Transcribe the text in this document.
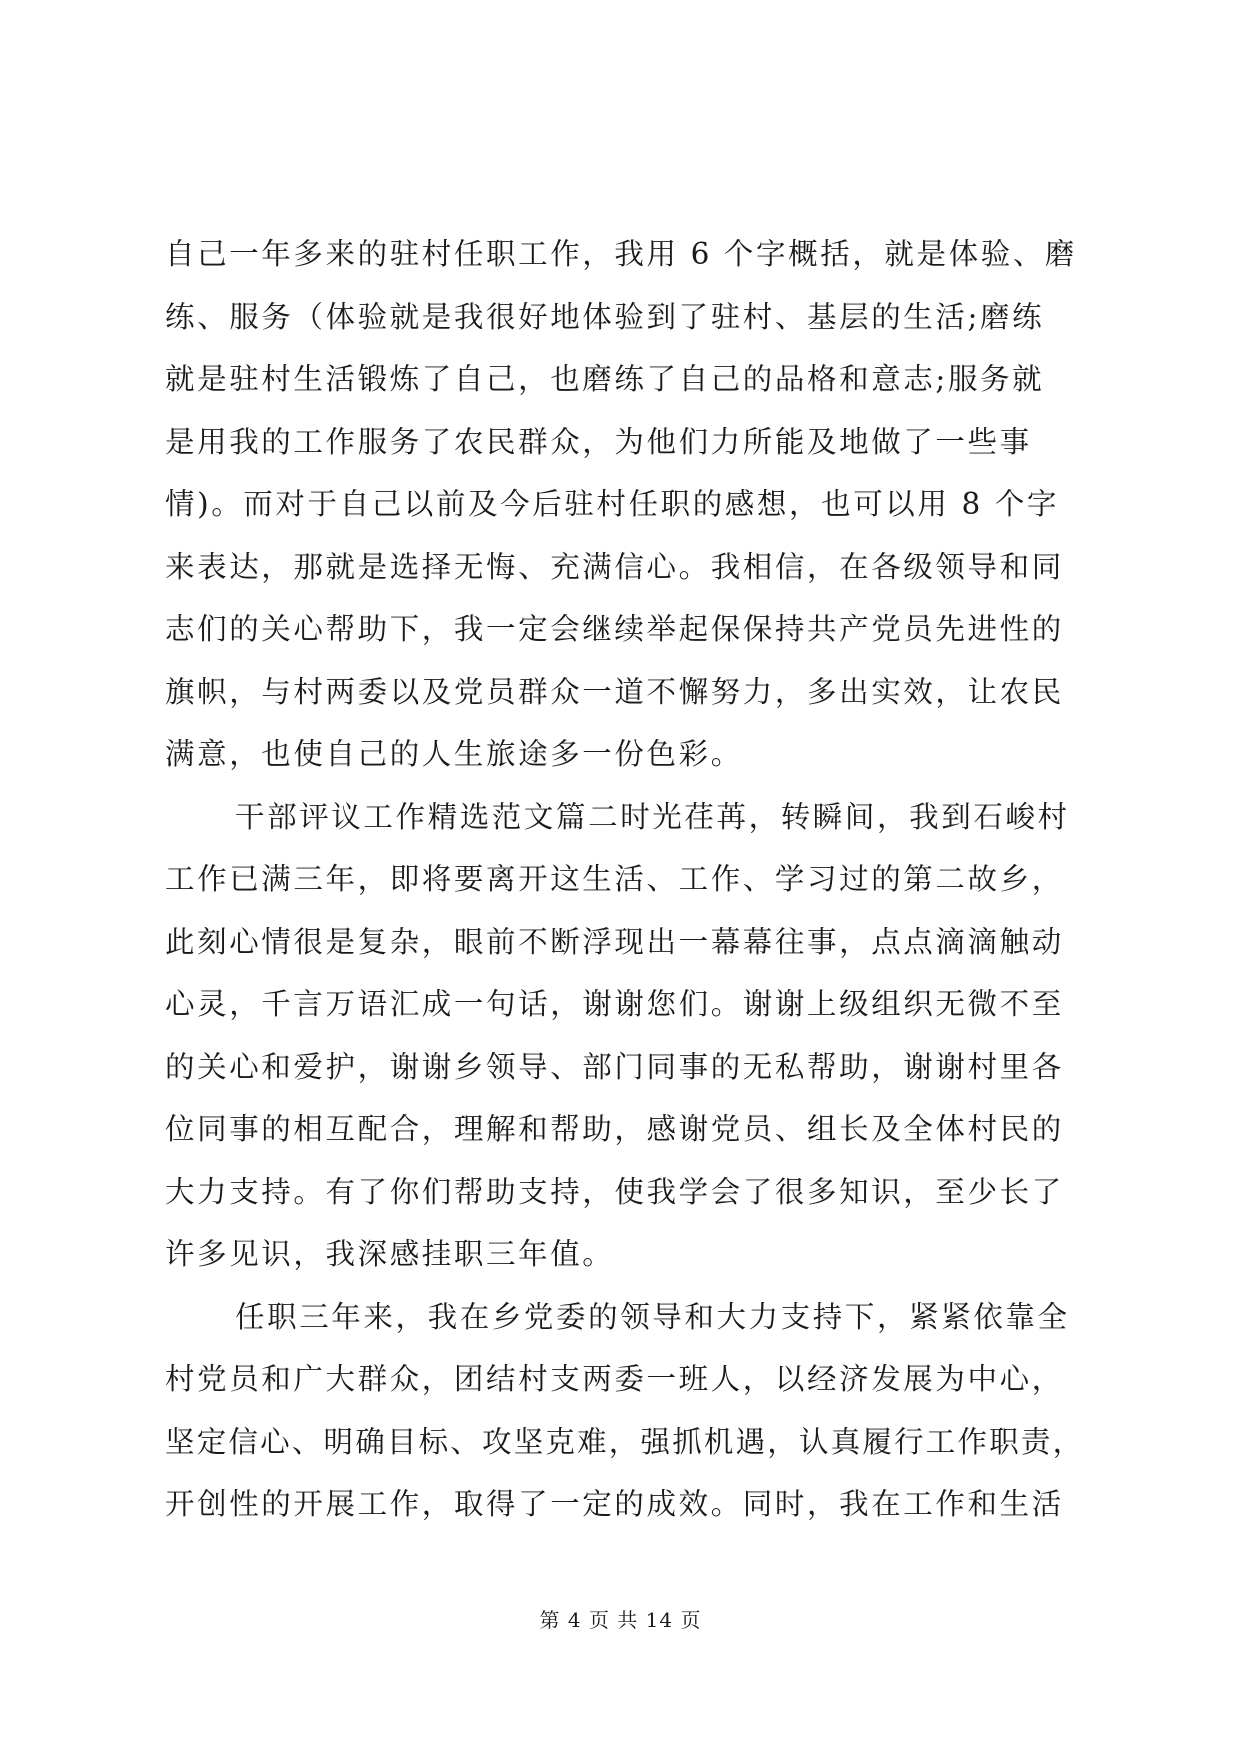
自己一年多来的驻村任职工作，我用 6 个字概括，就是体验、磨
练、服务（体验就是我很好地体验到了驻村、基层的生活;磨练
就是驻村生活锻炼了自己，也磨练了自己的品格和意志;服务就
是用我的工作服务了农民群众，为他们力所能及地做了一些事
情)。而对于自己以前及今后驻村任职的感想，也可以用 8 个字
来表达，那就是选择无悔、充满信心。我相信，在各级领导和同
志们的关心帮助下，我一定会继续举起保保持共产党员先进性的
旗帜，与村两委以及党员群众一道不懈努力，多出实效，让农民
满意，也使自己的人生旅途多一份色彩。
干部评议工作精选范文篇二时光荏苒，转瞬间，我到石峻村
工作已满三年，即将要离开这生活、工作、学习过的第二故乡，
此刻心情很是复杂，眼前不断浮现出一幕幕往事，点点滴滴触动
心灵，千言万语汇成一句话，谢谢您们。谢谢上级组织无微不至
的关心和爱护，谢谢乡领导、部门同事的无私帮助，谢谢村里各
位同事的相互配合，理解和帮助，感谢党员、组长及全体村民的
大力支持。有了你们帮助支持，使我学会了很多知识，至少长了
许多见识，我深感挂职三年值。
任职三年来，我在乡党委的领导和大力支持下，紧紧依靠全
村党员和广大群众，团结村支两委一班人，以经济发展为中心，
坚定信心、明确目标、攻坚克难，强抓机遇，认真履行工作职责，
开创性的开展工作，取得了一定的成效。同时，我在工作和生活
第 4 页 共 14 页
